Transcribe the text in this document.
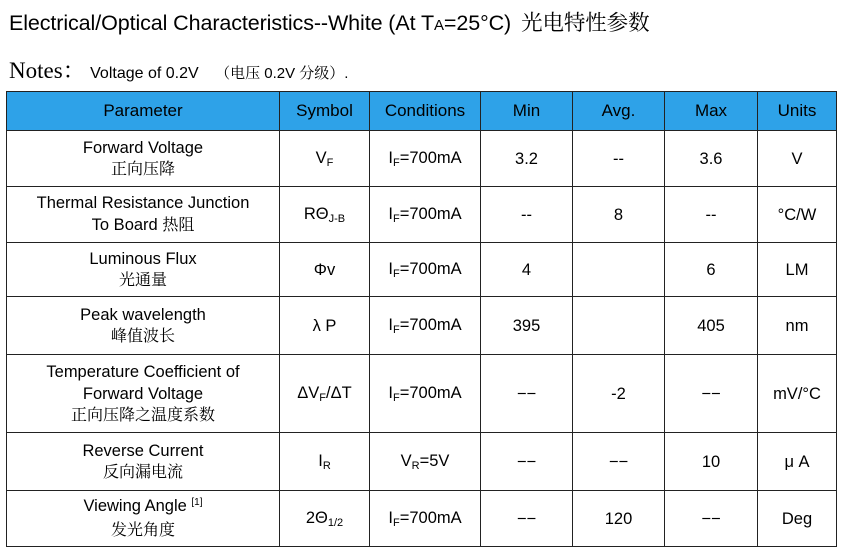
Electrical/Optical Characteristics--White (At TA=25°C) 光电特性参数
Notes： Voltage of 0.2V （电压 0.2V 分级）.
Parameter	Symbol	Conditions	Min	Avg.	Max	Units

Forward Voltage
正向压降	$V_F$	$I_F=700mA$	3.2	--	3.6	V

Thermal Resistance Junction
To Board 热阻	$R\Theta_{J-B}$	$I_F=700mA$	--	8	--	°C/W

Luminous Flux
光通量	Φv	$I_F=700mA$	4		6	LM

Peak wavelength
峰值波长	λ P	$I_F=700mA$	395		405	nm

Temperature Coefficient of
Forward Voltage
正向压降之温度系数	$\Delta V_F/\Delta T$	$I_F=700mA$	−−	-2	−−	mV/°C

Reverse Current
反向漏电流	$I_R$	$V_R=5V$	−−	−−	10	μ A

Viewing Angle [1]
发光角度	$2\Theta_{1/2}$	$I_F=700mA$	−−	120	−−	Deg
